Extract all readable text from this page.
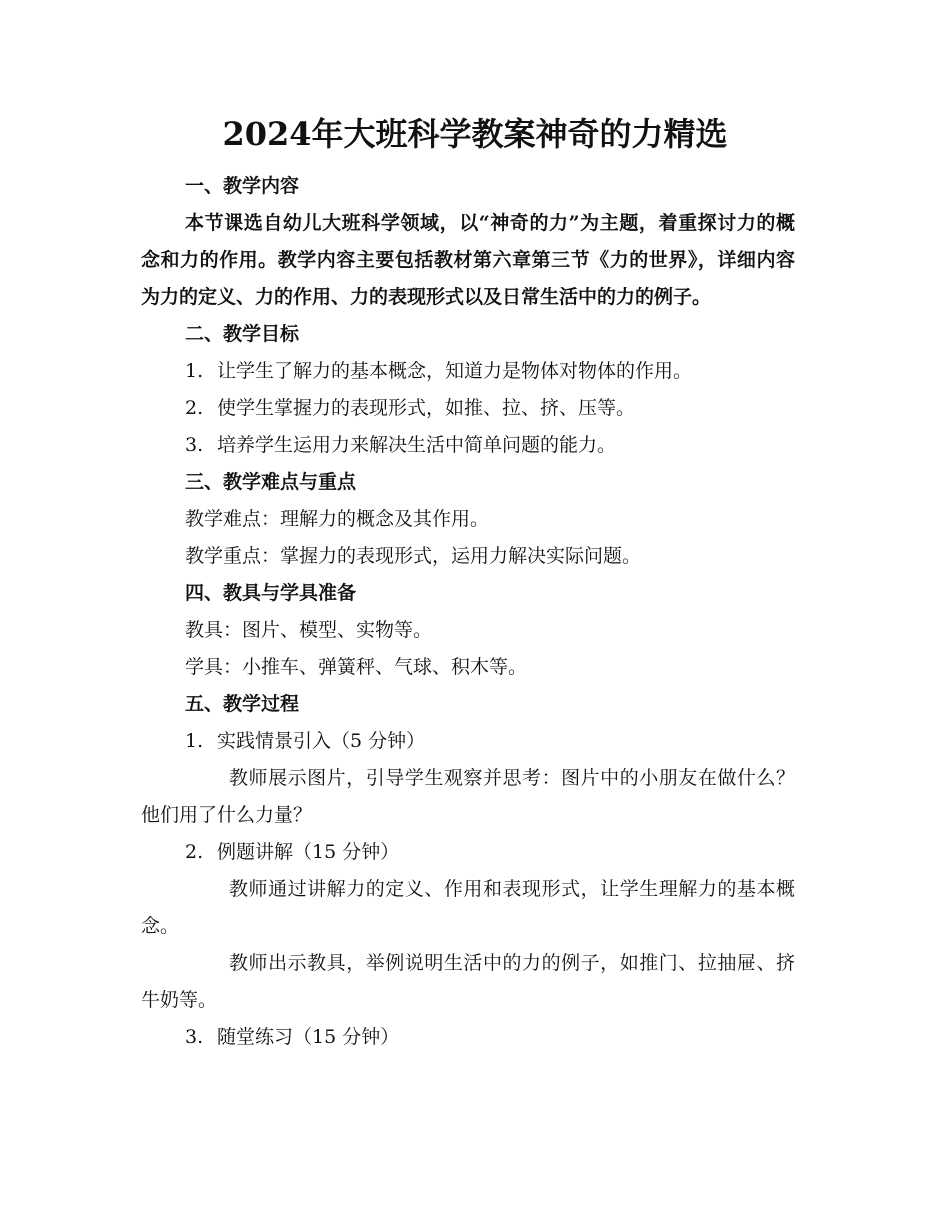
2024年大班科学教案神奇的力精选
一、教学内容
本节课选自幼儿大班科学领域，以“神奇的力”为主题，着重探讨力的概念和力的作用。教学内容主要包括教材第六章第三节《力的世界》，详细内容为力的定义、力的作用、力的表现形式以及日常生活中的力的例子。
二、教学目标
1. 让学生了解力的基本概念，知道力是物体对物体的作用。
2. 使学生掌握力的表现形式，如推、拉、挤、压等。
3. 培养学生运用力来解决生活中简单问题的能力。
三、教学难点与重点
教学难点：理解力的概念及其作用。
教学重点：掌握力的表现形式，运用力解决实际问题。
四、教具与学具准备
教具：图片、模型、实物等。
学具：小推车、弹簧秤、气球、积木等。
五、教学过程
1. 实践情景引入（5 分钟）
教师展示图片，引导学生观察并思考：图片中的小朋友在做什么？他们用了什么力量？
2. 例题讲解（15 分钟）
教师通过讲解力的定义、作用和表现形式，让学生理解力的基本概念。
教师出示教具，举例说明生活中的力的例子，如推门、拉抽屉、挤牛奶等。
3. 随堂练习（15 分钟）
